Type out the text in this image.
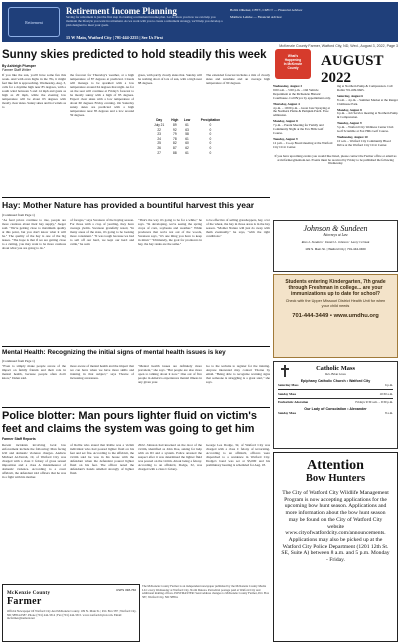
Retirement
Retirement Income Planning
Saving for retirement is just the first step in creating a retirement income plan. Let us show you how we can help you maintain the lifestyle you want in retirement. As we work with you to create a retirement strategy, we'll help you develop a plan designed to meet your goals.
Bobbi Olheiser, CFP®, ChFC® — Financial Advisor
Matthew Lehrke — Financial Advisor
15 W Main, Watford City | 701-444-2255 | See Us First
McKenzie County Farmer, Watford City, ND, Wed., August 3, 2022, Page 3
Sunny skies predicted to hold steadily this week
By Ashleigh Plumper
Farmer Staff Writer
If you like the sun, you'll have some fun this week. And with even highs in the 70s, it might feel like fall is approaching. Wednesday, Aug. 3, calls for a daytime high near 85 degrees, with a south wind between 5 and 14 mph and gusts as high as 20 mph, while the evening low temperature will be about 63 degrees with mostly clear skies. Sunny skies and hot winds as to
the forecast for Thursday's weather, at a high temperature of 87 degrees at predicted. Clouds will manage to be sparkled with a low temperature around 64 degrees that night. As for on the seat will continue at Friday's forecast to be mostly sunny with a high of 85 degrees. Expect clear skies with a low temperature of about 60 degrees Friday evening. On Saturday sunny skies are predicted with a high temperature near 85 degrees and a low around 59 degrees.
grees, with partly cloudy skies that. Sunday will be nothing short of lots of sun, with a high near 88 degrees.
The extended forecast includes a mix of cloudy skies and sunshine and an average high temperature of 90 degrees.
Day	High	Low	Precipitation
July 21	89	61	0
22	92	63	0
23	79	58	0
24	78	61	0
25	82	60	0
26	87	62	0
27	88	61	0
Hay: Mother Nature has provided a bountiful harvest this year
(Continued from Page 1)
"As feed prices continue to rise, people are more cautious about their hay supply," Jaeger said. "We're getting close to maximum quality at this point, but you don't know what it will be." The quality of the hay is one of the big issues. "The hope is that if we are getting close to a cutting, you may want to be more cautious about what you are going to do."
of forages," says Swanson of the haying season. For those with a crop of yearling, they have average yields. Swanson gratefully noted, "In many areas of the state, it's going to be looking more consistent." "It was tough because we had to sell off our herd, we kept our herd and cattle," he said.
"That's the way it's going to be for a while," he says. "In developing, we're seeing the spring crops of corn, soybeans and weather." While producers that we're not out of the woods, Swanson says, "it's one thing you have to keep in mind." "Ultimately, the goal for producers in hay, the hay ranks are the same."
to be effective of selling grasshoppers, hay, a lot of the wheat, the hay in those areas is in the hay season. "Mother Nature will just do away with them eventually," he says, "with the right conditions."
Mental Health: Recognizing the initial signs of mental health issues is key
(Continued from Page 1)
"Even to simply make people aware of the impact on family friends and their role in mental health, because people often don't know," Dalen said.
more aware of mental health and the impact that we can have when we have more skills and training in that subject," says Thorne of increasing awareness.
"Mental health issues are definitely more prevalent," she says. "But people are also more open to talking about it now." One out of five people in America experiences mental illness in any given year.
Go to the website to register for the training. Anyone interested may contact Thorne by email. "Being able to recognize warning signs that someone is struggling is a great start," she says.
Police blotter: Man pours lighter fluid on victim's feet and claims the system was going to get him
Farmer Staff Reports
Recent incidents involving local law enforcement include the following: Man facing GSI and domestic violence charges. Andrew Michael Al-Tarrah, 19, of Watford City was charged with a class C felony of gross sexual imposition and a class A misdemeanor of domestic violence. According to a court affidavit, the defendant told officers that he was in a fight with his mother.
of Rollie who stated that Rollie was a victim individual who had poured lighter fluid on his feet and set fire. According to the affidavit, the victim said he was in his house with the defendant when the defendant poured lighter fluid on his feet. The officer noted the defendant's hands smelled strongly of lighter fluid.
2022. Johnson had knocked on the door of the victim, identified as John Doe, asking for help with an ID and a system. Police arrested the suspect after it was determined the lighter fluid was poured on the victim. About being a felony. According to an affidavit, Dodge, 32, was charged with a class C felony.
George Lee Dodge, 32, of Watford City was charged with a class C felony of terrorizing. According to an affidavit, officers were dispatched to a residence in Watford City. Dodge's bond was set at $5,000 and his preliminary hearing is scheduled for Aug. 18.
USPS 338-760
McKenzie County
Farmer
Official Newspaper Of Watford City And McKenzie County. 109 N. Main St. | P.O. Box 587 | Watford City, ND 58854-0587. Phone (701) 444-3314 | Fax (701) 444-3315. www.watfordcitynd.com. Email: mcfarmer@nemont.net
The McKenzie County Farmer is an independent newspaper published by the McKenzie County Media LLC every Wednesday at Watford City, North Dakota. Periodical postage paid at Watford City and additional mailing offices. POSTMASTER: Send address changes to McKenzie County Farmer, P.O. Box 587, Watford City, ND 58854.
What's
Happening
In McKenzie
County	AUGUST 2022
Wednesday, August 3
9:00 a.m. – 5:00 p.m. – Old Vehicle Department at the McKenzie Historic Courthouse. Call Bryce by appointment only.
Thursday, August 4
4 p.m. – 10:00 p.m. – Great Jazz Spraying at the Northern Plains & Pumpkin Patch. Free admission.
Monday, August 8
7 p.m. – Parent Meeting for Family and Community Night at the Fox Hills Golf Course.
Tuesday, August 9
12 p.m. – Co-op Board meeting at the Watford City Civic Center.
ing at Northern Pump & Compression. Call Robin 701-609-9665.
Saturday, August 6
8 a.m. – 4 p.m. – Summer Market at the Ranger Clubhouse Park.
Monday, August 8
6 p.m. – Job Service meeting at Northern Pump & Compression.
Tuesday, August 9
5 p.m. – Watford City Wellness Center Club Golf Scramble at Fox Hills Golf Course.
Wednesday, August 10
10 a.m. – Watford City Community Blood Drive at the Watford City Civic Center.
If you have upcoming events you would like listed, please contact the Farmer office or email us at mcfarmer@nemont.net. Events must be received by Friday to be published the following Wednesday.
Johnson & Sundeen
Attorneys at Law
Ross L. Sundeen · Daniel L. Johnson · Lacey Cermak
109 S. Main St. | Watford City | 701-444-3460
Students entering Kindergarten, 7th grade through Freshman in college... are your immunizations up to date for school?
Check with the Upper Missouri District Health Unit for when your child needs
701-444-3449 • www.umdhu.org
Catholic Mass
Rev. Brian Gross
Epiphany Catholic Church • Watford City
Saturday Mass	6 p.m.
Sunday Mass	10:30 a.m.
Eucharistic Adoration	Fridays 9:30 a.m. – 9:30 p.m.
Our Lady of Consolation • Alexander
Sunday Mass	8 a.m.
Attention
Bow Hunters
The City of Watford City Wildlife Management Program is now accepting applications for the upcoming bow hunt season. Applications and more information about the bow hunt season may be found on the City of Watford City website www.cityofwatfordcity.com/announcements. Applications may also be picked up at the Watford City Police Department (1201 12th St. SE, Suite A) between 8 a.m. and 5 p.m. Monday - Friday.
